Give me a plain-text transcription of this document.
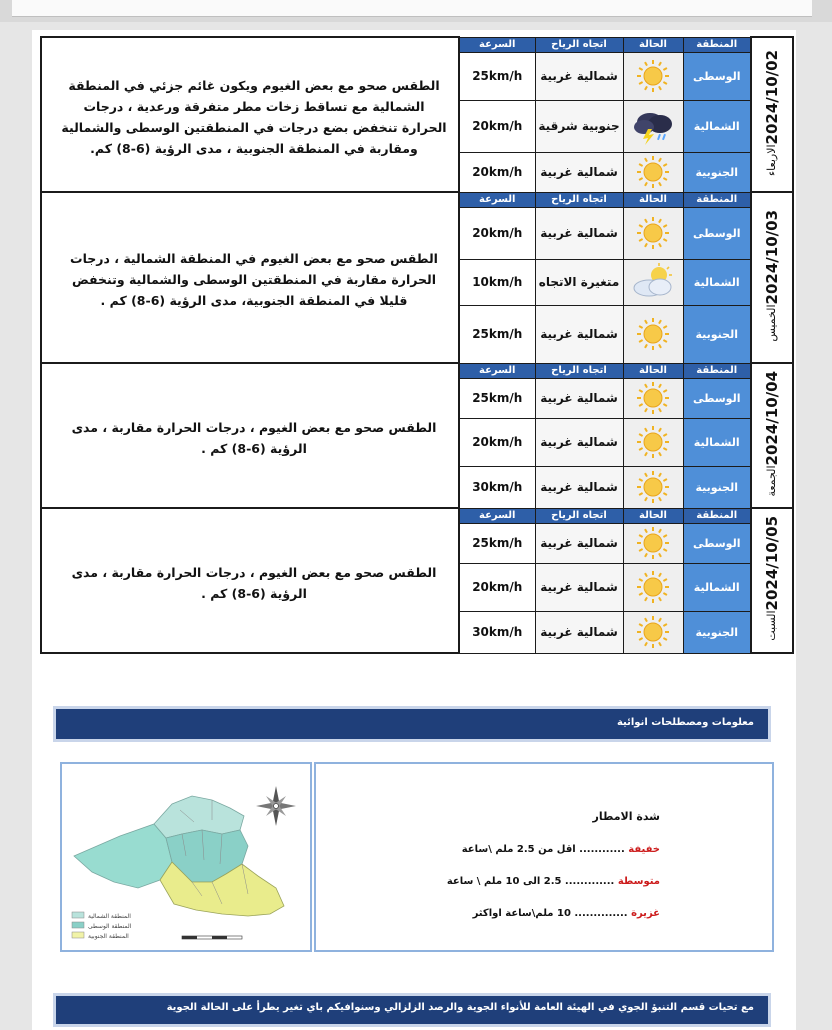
2024/10/02الاربعاء	المنطقة	الحالة	اتجاه الرياح	السرعة	الطقس صحو مع بعض الغيوم ويكون غائم جزئي في المنطقة الشمالية مع تساقط زخات مطر متفرقة ورعدية ، درجات الحرارة تنخفض بضع درجات في المنطقتين الوسطى والشمالية ومقاربة في المنطقة الجنوبية ، مدى الرؤية (6-8) كم.
	الوسطى		شمالية غربية	25km/h	
	الشمالية		جنوبية شرقية	20km/h	
	الجنوبية		شمالية غربية	20km/h	
2024/10/03الخميس	المنطقة	الحالة	اتجاه الرياح	السرعة	الطقس صحو مع بعض الغيوم في المنطقة الشمالية ، درجات الحرارة مقاربة في المنطقتين الوسطى والشمالية وتنخفض قليلا في المنطقة الجنوبية، مدى الرؤية (6-8) كم .
	الوسطى		شمالية غربية	20km/h	
	الشمالية		متغيرة الاتجاه	10km/h	
	الجنوبية		شمالية غربية	25km/h	
2024/10/04الجمعة	المنطقة	الحالة	اتجاه الرياح	السرعة	الطقس صحو مع بعض الغيوم ، درجات الحرارة مقاربة ، مدى الرؤية (6-8) كم .
	الوسطى		شمالية غربية	25km/h	
	الشمالية		شمالية غربية	20km/h	
	الجنوبية		شمالية غربية	30km/h	
2024/10/05السبت	المنطقة	الحالة	اتجاه الرياح	السرعة	الطقس صحو مع بعض الغيوم ، درجات الحرارة مقاربة ، مدى الرؤية (6-8) كم .
	الوسطى		شمالية غربية	25km/h	
	الشمالية		شمالية غربية	20km/h	
	الجنوبية		شمالية غربية	30km/h	
معلومات ومصطلحات انوائية
المنطقة الشمالية
المنطقة الوسطى
المنطقة الجنوبية
شدة الامطار
خفيفة ............ اقل من 2.5 ملم \ساعة
متوسطة ............. 2.5 الى 10 ملم \ ساعة
غزيرة .............. 10 ملم\ساعة اواكثر
مع تحيات قسم التنبؤ الجوي في الهيئة العامة للأنواء الجوية والرصد الزلزالي وسنوافيكم باي تغير يطرأ على الحالة الجوية
